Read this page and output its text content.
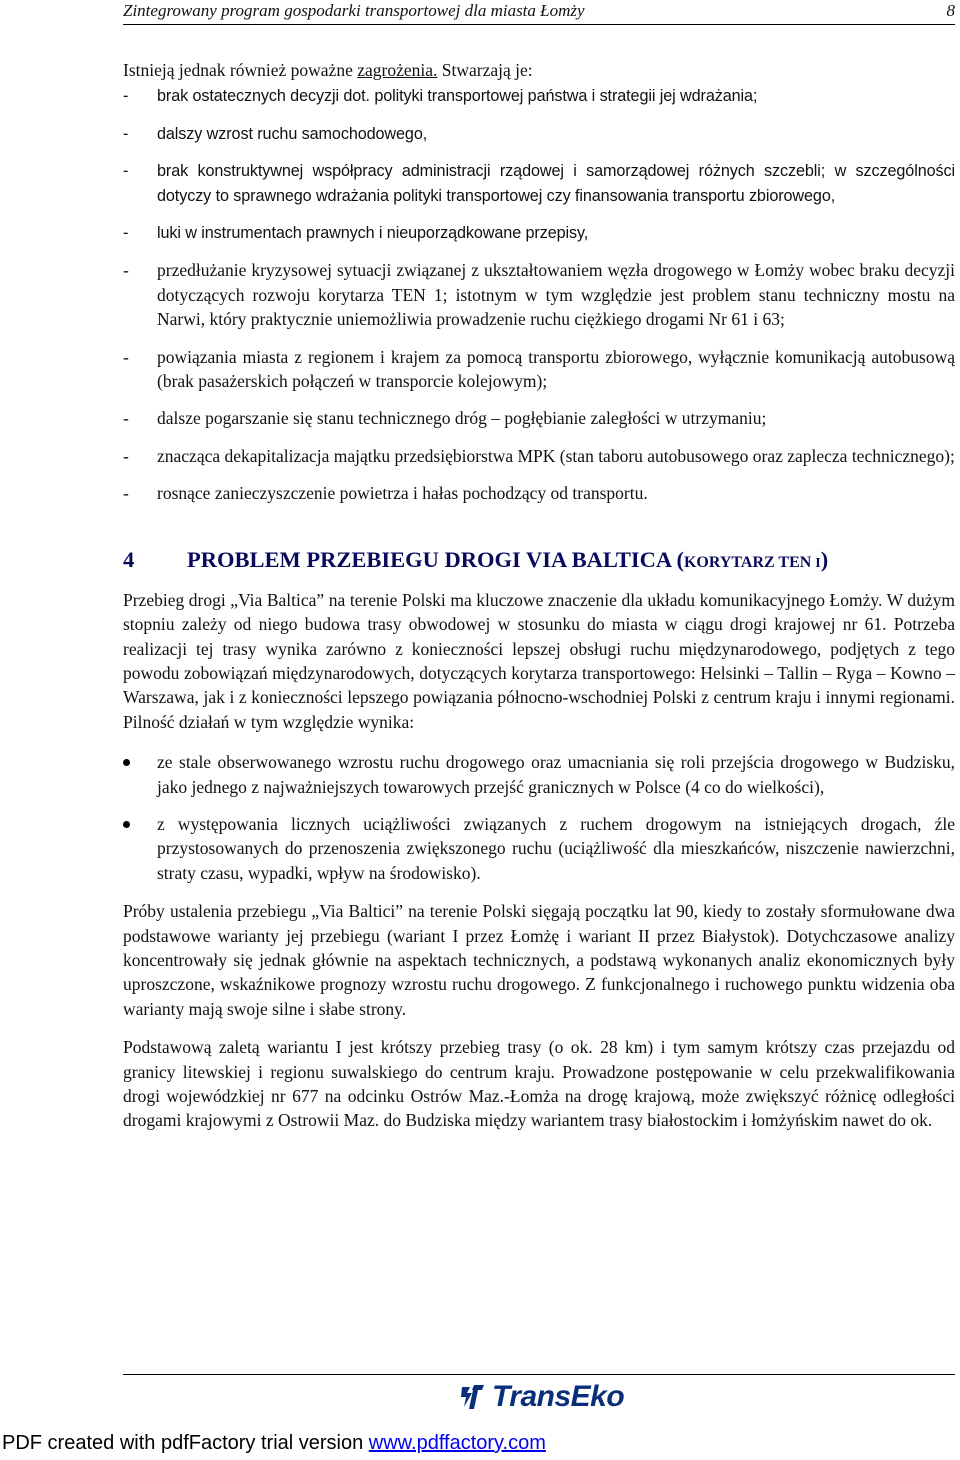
Zintegrowany program gospodarki transportowej dla miasta Łomży	8

Istnieją jednak również poważne zagrożenia. Stwarzają je:

- brak ostatecznych decyzji dot. polityki transportowej państwa i strategii jej wdrażania;
- dalszy wzrost ruchu samochodowego,
- brak konstruktywnej współpracy administracji rządowej i samorządowej różnych szczebli; w szczególności dotyczy to sprawnego wdrażania polityki transportowej czy finansowania transportu zbiorowego,
- luki w instrumentach prawnych i nieuporządkowane przepisy,
- przedłużanie kryzysowej sytuacji związanej z ukształtowaniem węzła drogowego w Łomży wobec braku decyzji dotyczących rozwoju korytarza TEN 1; istotnym w tym względzie jest problem stanu techniczny mostu na Narwi, który praktycznie uniemożliwia prowadzenie ruchu ciężkiego drogami Nr 61 i 63;
- powiązania miasta z regionem i krajem za pomocą transportu zbiorowego, wyłącznie komunikacją autobusową (brak pasażerskich połączeń w transporcie kolejowym);
- dalsze pogarszanie się stanu technicznego dróg – pogłębianie zaległości w utrzymaniu;
- znacząca dekapitalizacja majątku przedsiębiorstwa MPK (stan taboru autobusowego oraz zaplecza technicznego);
- rosnące zanieczyszczenie powietrza i hałas pochodzący od transportu.
4 PROBLEM PRZEBIEGU DROGI VIA BALTICA (KORYTARZ TEN I)

Przebieg drogi „Via Baltica” na terenie Polski ma kluczowe znaczenie dla układu komunikacyjnego Łomży. W dużym stopniu zależy od niego budowa trasy obwodowej w stosunku do miasta w ciągu drogi krajowej nr 61. Potrzeba realizacji tej trasy wynika zarówno z konieczności lepszej obsługi ruchu międzynarodowego, podjętych z tego powodu zobowiązań międzynarodowych, dotyczących korytarza transportowego: Helsinki – Tallin – Ryga – Kowno – Warszawa, jak i z konieczności lepszego powiązania północno-wschodniej Polski z centrum kraju i innymi regionami. Pilność działań w tym względzie wynika:

ze stale obserwowanego wzrostu ruchu drogowego oraz umacniania się roli przejścia drogowego w Budzisku, jako jednego z najważniejszych towarowych przejść granicznych w Polsce (4 co do wielkości),
z występowania licznych uciążliwości związanych z ruchem drogowym na istniejących drogach, źle przystosowanych do przenoszenia zwiększonego ruchu (uciążliwość dla mieszkańców, niszczenie nawierzchni, straty czasu, wypadki, wpływ na środowisko).

Próby ustalenia przebiegu „Via Baltici” na terenie Polski sięgają początku lat 90, kiedy to zostały sformułowane dwa podstawowe warianty jej przebiegu (wariant I przez Łomżę i wariant II przez Białystok). Dotychczasowe analizy koncentrowały się jednak głównie na aspektach technicznych, a podstawą wykonanych analiz ekonomicznych były uproszczone, wskaźnikowe prognozy wzrostu ruchu drogowego. Z funkcjonalnego i ruchowego punktu widzenia oba warianty mają swoje silne i słabe strony.

Podstawową zaletą wariantu I jest krótszy przebieg trasy (o ok. 28 km) i tym samym krótszy czas przejazdu od granicy litewskiej i regionu suwalskiego do centrum kraju. Prowadzone postępowanie w celu przekwalifikowania drogi wojewódzkiej nr 677 na odcinku Ostrów Maz.-Łomża na drogę krajową, może zwiększyć różnicę odległości drogami krajowymi z Ostrowii Maz. do Budziska między wariantem trasy białostockim i łomżyńskim nawet do ok.

TransEko
PDF created with pdfFactory trial version www.pdffactory.com
